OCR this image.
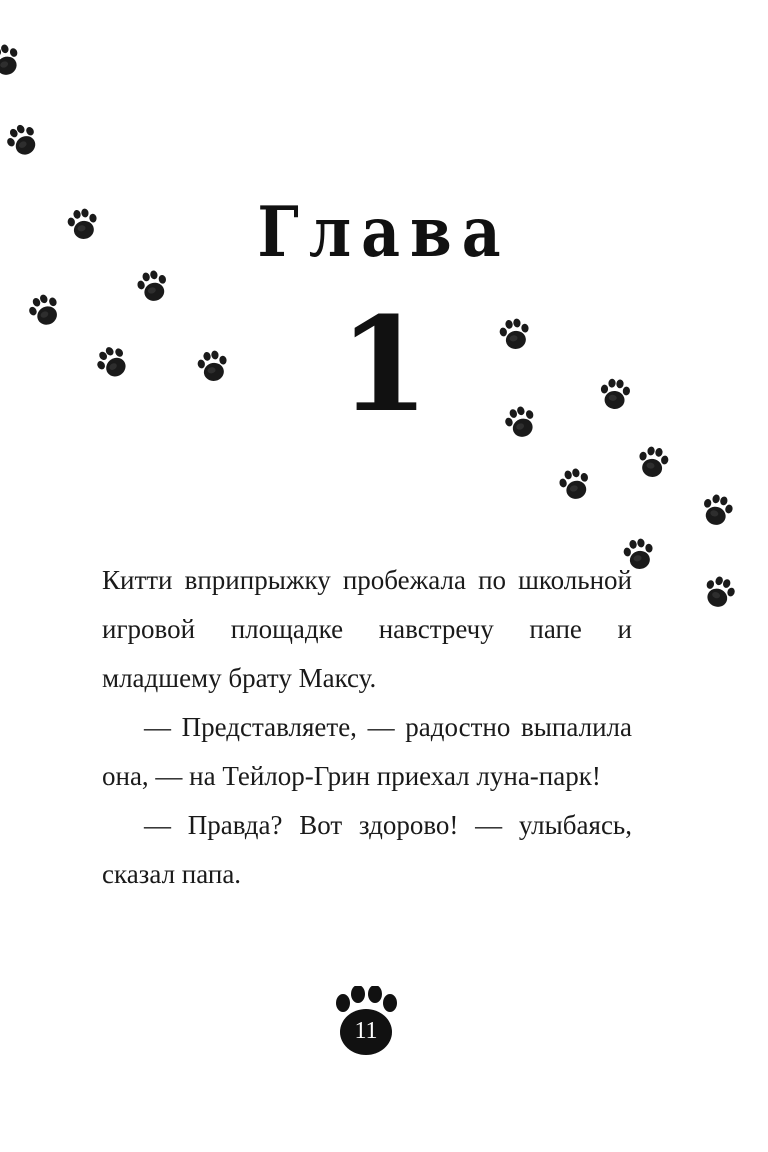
Глава
1

Китти вприпрыжку пробежала по школьной игровой площадке навстречу папе и младшему брату Максу.

— Представляете, — радостно выпалила она, — на Тейлор-Грин приехал луна-парк!

— Правда? Вот здорово! — улыбаясь, сказал папа.

11
